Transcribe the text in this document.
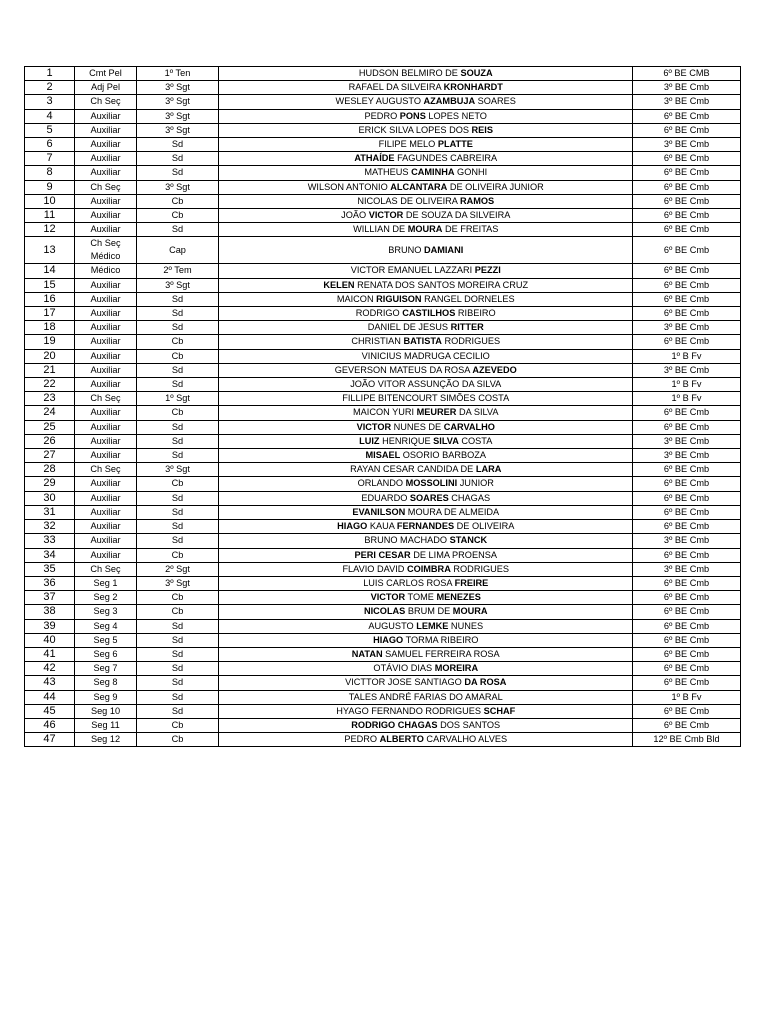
1	Cmt Pel	1º Ten		HUDSON BELMIRO DE SOUZA		6º BE CMB
2	Adj Pel	3º Sgt		RAFAEL DA SILVEIRA KRONHARDT		3º BE Cmb
3	Ch Seç	3º Sgt		WESLEY AUGUSTO AZAMBUJA SOARES		3º BE Cmb
4	Auxiliar	3º Sgt		PEDRO PONS LOPES NETO		6º BE Cmb
5	Auxiliar	3º Sgt		ERICK SILVA LOPES DOS REIS		6º BE Cmb
6	Auxiliar	Sd		FILIPE MELO PLATTE		3º BE Cmb
7	Auxiliar	Sd		ATHAÍDE FAGUNDES CABREIRA		6º BE Cmb
8	Auxiliar	Sd		MATHEUS CAMINHA GONHI		6º BE Cmb
9	Ch Seç	3º Sgt		WILSON ANTONIO ALCANTARA DE OLIVEIRA JUNIOR		6º BE Cmb
10	Auxiliar	Cb		NICOLAS DE OLIVEIRA RAMOS		6º BE Cmb
11	Auxiliar	Cb		JOÃO VICTOR DE SOUZA DA SILVEIRA		6º BE Cmb
12	Auxiliar	Sd		WILLIAN DE MOURA DE FREITAS		6º BE Cmb
13	Ch Seç Médico	Cap		BRUNO DAMIANI		6º BE Cmb
14	Médico	2º Tem		VICTOR EMANUEL LAZZARI PEZZI		6º BE Cmb
15	Auxiliar	3º Sgt		KELEN RENATA DOS SANTOS MOREIRA CRUZ		6º BE Cmb
16	Auxiliar	Sd		MAICON RIGUISON RANGEL DORNELES		6º BE Cmb
17	Auxiliar	Sd		RODRIGO CASTILHOS RIBEIRO		6º BE Cmb
18	Auxiliar	Sd		DANIEL DE JESUS RITTER		3º BE Cmb
19	Auxiliar	Cb		CHRISTIAN BATISTA RODRIGUES		6º BE Cmb
20	Auxiliar	Cb		VINICIUS MADRUGA CECILIO		1º B Fv
21	Auxiliar	Sd		GEVERSON MATEUS DA ROSA AZEVEDO		3º BE Cmb
22	Auxiliar	Sd		JOÃO VITOR ASSUNÇÃO DA SILVA		1º B Fv
23	Ch Seç	1º Sgt		FILLIPE BITENCOURT SIMÕES COSTA		1º B Fv
24	Auxiliar	Cb		MAICON YURI MEURER DA SILVA		6º BE Cmb
25	Auxiliar	Sd		VICTOR NUNES DE CARVALHO		6º BE Cmb
26	Auxiliar	Sd		LUIZ HENRIQUE SILVA COSTA		3º BE Cmb
27	Auxiliar	Sd		MISAEL OSORIO BARBOZA		3º BE Cmb
28	Ch Seç	3º Sgt		RAYAN CESAR CANDIDA DE LARA		6º BE Cmb
29	Auxiliar	Cb		ORLANDO MOSSOLINI JUNIOR		6º BE Cmb
30	Auxiliar	Sd		EDUARDO SOARES CHAGAS		6º BE Cmb
31	Auxiliar	Sd		EVANILSON MOURA DE ALMEIDA		6º BE Cmb
32	Auxiliar	Sd		HIAGO KAUA FERNANDES DE OLIVEIRA		6º BE Cmb
33	Auxiliar	Sd		BRUNO MACHADO STANCK		3º BE Cmb
34	Auxiliar	Cb		PERI CESAR DE LIMA PROENSA		6º BE Cmb
35	Ch Seç	2º Sgt		FLAVIO DAVID COIMBRA RODRIGUES		3º BE Cmb
36	Seg 1	3º Sgt		LUIS CARLOS ROSA FREIRE		6º BE Cmb
37	Seg 2	Cb		VICTOR TOME MENEZES		6º BE Cmb
38	Seg 3	Cb		NICOLAS BRUM DE MOURA		6º BE Cmb
39	Seg 4	Sd		AUGUSTO LEMKE NUNES		6º BE Cmb
40	Seg 5	Sd		HIAGO TORMA RIBEIRO		6º BE Cmb
41	Seg 6	Sd		NATAN SAMUEL FERREIRA ROSA		6º BE Cmb
42	Seg 7	Sd		OTÁVIO DIAS MOREIRA		6º BE Cmb
43	Seg 8	Sd		VICTTOR JOSE SANTIAGO DA ROSA		6º BE Cmb
44	Seg 9	Sd		TALES ANDRÉ FARIAS DO AMARAL		1º B Fv
45	Seg 10	Sd		HYAGO FERNANDO RODRIGUES SCHAF		6º BE Cmb
46	Seg 11	Cb		RODRIGO CHAGAS DOS SANTOS		6º BE Cmb
47	Seg 12	Cb		PEDRO ALBERTO CARVALHO ALVES		12º BE Cmb Bld
